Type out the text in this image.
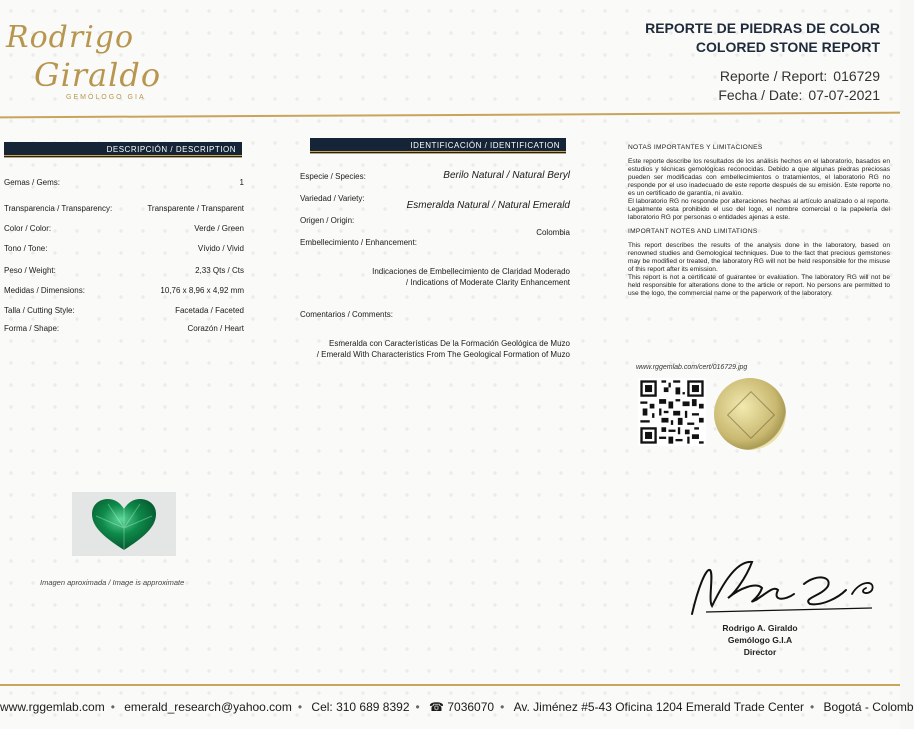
Rodrigo
Giraldo
GEMÓLOGO GIA
REPORTE DE PIEDRAS DE COLOR
COLORED STONE REPORT
Reporte / Report: 016729
Fecha / Date: 07-07-2021
DESCRIPCIÓN / DESCRIPTION
Gemas / Gems:	1
Transparencia / Transparency:	Transparente / Transparent
Color / Color:	Verde / Green
Tono / Tone:	Vívido / Vivid
Peso / Weight:	2,33 Qts / Cts
Medidas / Dimensions:	10,76 x 8,96 x 4,92 mm
Talla / Cutting Style:	Facetada / Faceted
Forma / Shape:	Corazón / Heart
IDENTIFICACIÓN / IDENTIFICATION
Especie / Species:	Berilo Natural / Natural Beryl
Variedad / Variety:
Esmeralda Natural / Natural Emerald
Origen / Origin:
Colombia
Embellecimiento / Enhancement:
Indicaciones de Embellecimiento de Claridad Moderado
/ Indications of Moderate Clarity Enhancement
Comentarios / Comments:
Esmeralda con Características De la Formación Geológica de Muzo
/ Emerald With Characteristics From The Geological Formation of Muzo
NOTAS IMPORTANTES Y LIMITACIONES

Este reporte describe los resultados de los análisis hechos en el laboratorio, basados en estudios y técnicas gemológicas reconocidas. Debido a que algunas piedras preciosas pueden ser modificadas con embellecimientos o tratamientos, el laboratorio RG no responde por el uso inadecuado de este reporte después de su emisión. Este reporte no es un certificado de garantía, ni avalúo.

El laboratorio RG no responde por alteraciones hechas al artículo analizado o al reporte. Legalmente esta prohibido el uso del logo, el nombre comercial o la papelería del laboratorio RG por personas o entidades ajenas a este.

IMPORTANT NOTES AND LIMITATIONS

This report describes the results of the analysis done in the laboratory, based on renowned studies and Gemological techniques. Due to the fact that precious gemstones may be modified or treated, the laboratory RG will not be held responsible for the misuse of this report after its emission.

This report is not a certificate of guarantee or evaluation. The laboratory RG will not be held responsible for alterations done to the article or report. No persons are permitted to use the logo, the commercial name or the paperwork of the laboratory.

www.rggemlab.com/cert/016729.jpg
Imagen aproximada / Image is approximate
Rodrigo A. Giraldo
Gemólogo G.I.A
Director
www.rggemlab.com • emerald_research@yahoo.com • Cel: 310 689 8392 • ☎ 7036070 • Av. Jiménez #5-43 Oficina 1204 Emerald Trade Center • Bogotá - Colomb
